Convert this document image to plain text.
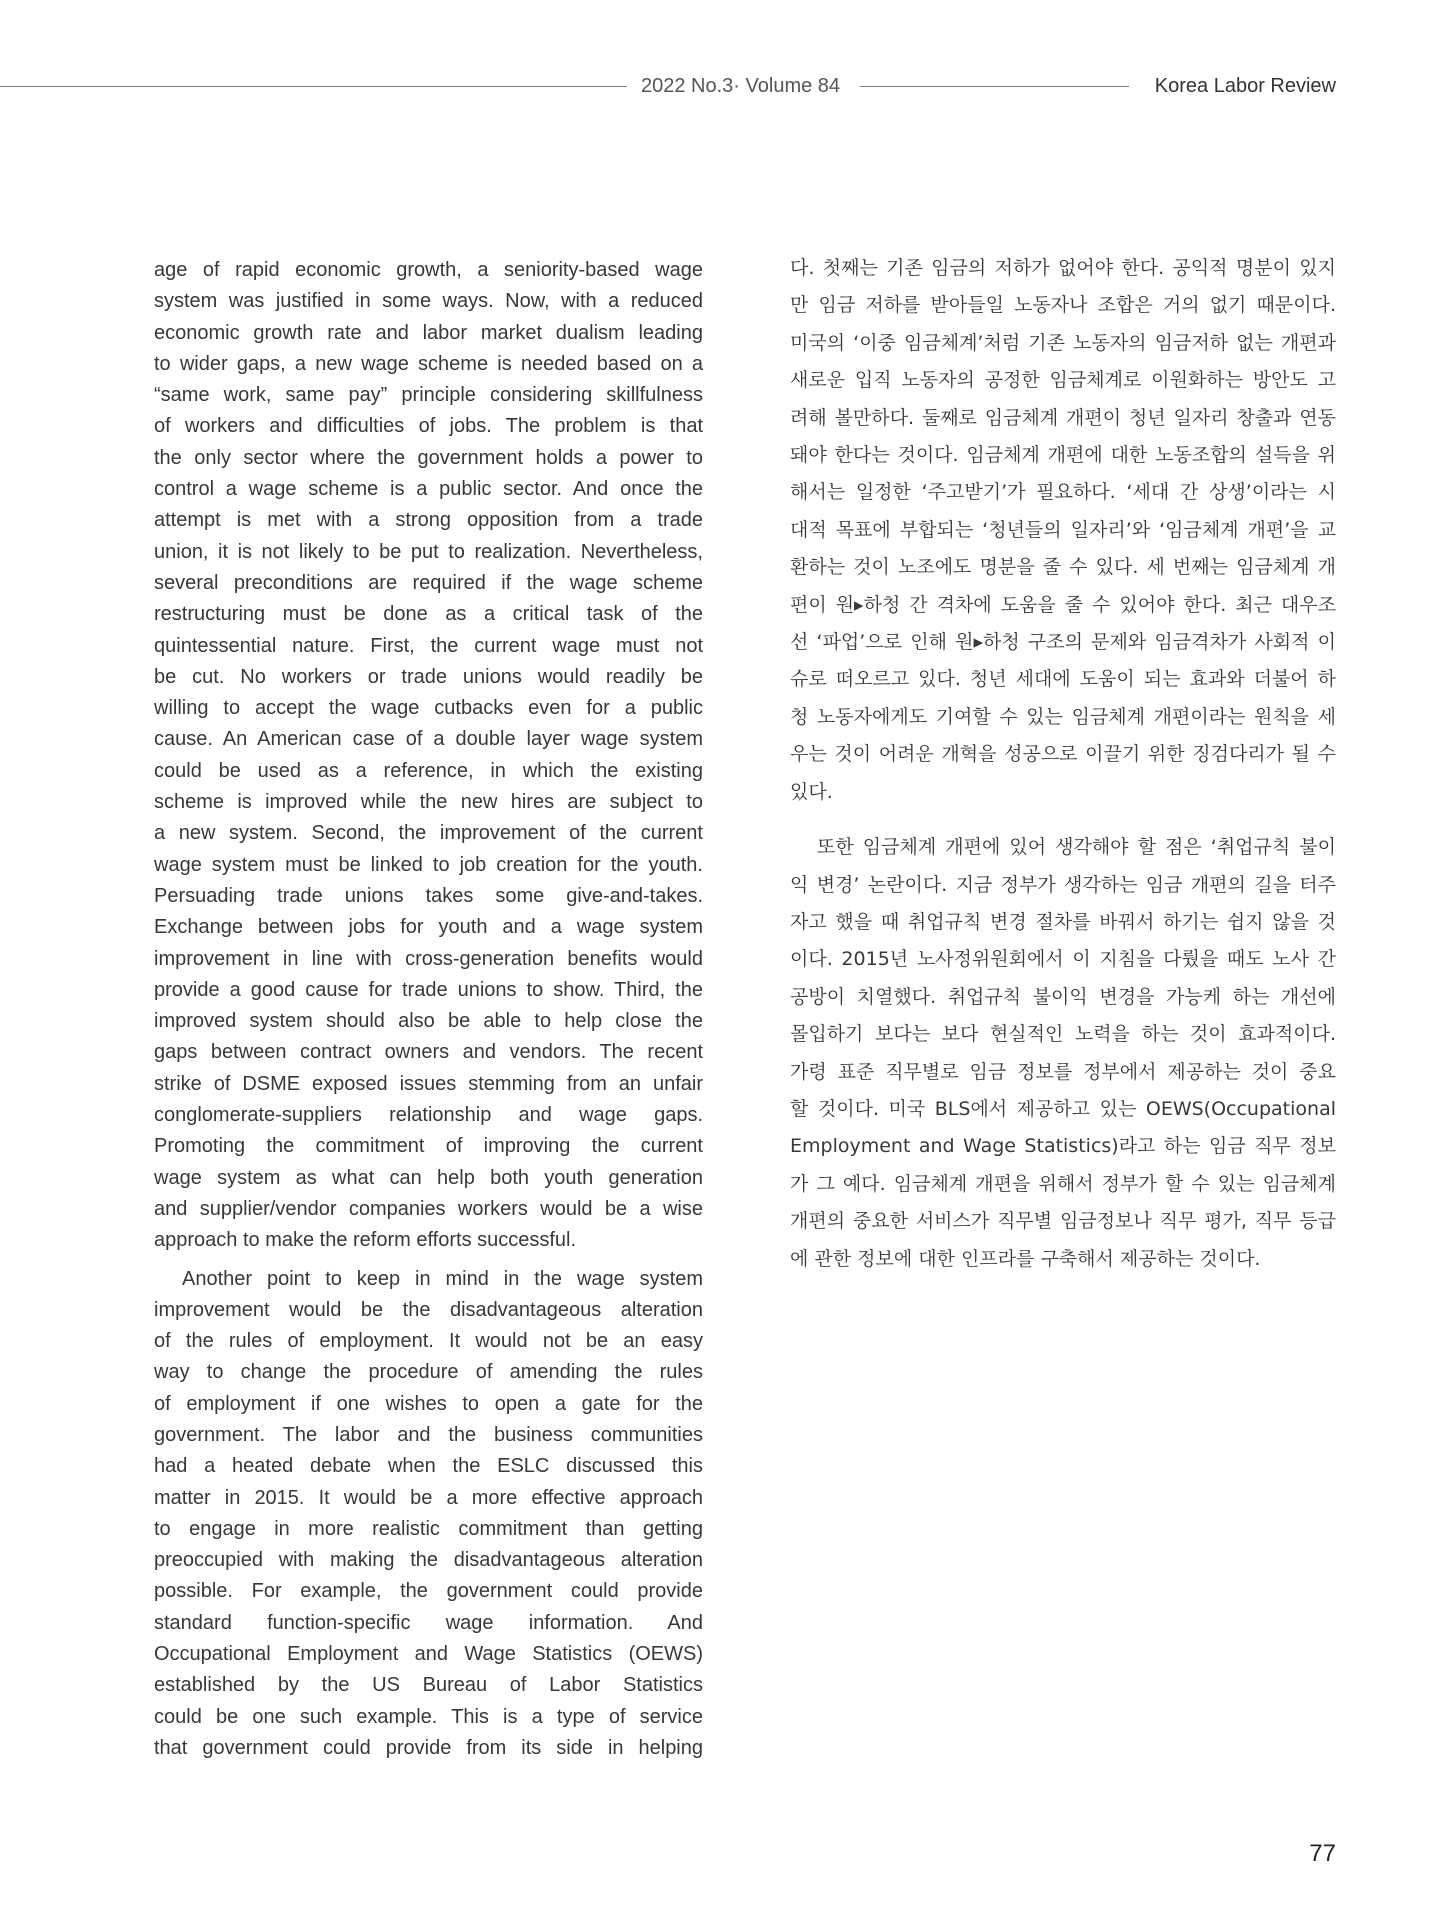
2022 No.3· Volume 84	Korea Labor Review
age of rapid economic growth, a seniority-based wage
system was justified in some ways. Now, with a reduced
economic growth rate and labor market dualism leading
to wider gaps, a new wage scheme is needed based on a
“same work, same pay” principle considering skillfulness
of workers and difficulties of jobs. The problem is that
the only sector where the government holds a power to
control a wage scheme is a public sector. And once the
attempt is met with a strong opposition from a trade
union, it is not likely to be put to realization. Nevertheless,
several preconditions are required if the wage scheme
restructuring must be done as a critical task of the
quintessential nature. First, the current wage must not
be cut. No workers or trade unions would readily be
willing to accept the wage cutbacks even for a public
cause. An American case of a double layer wage system
could be used as a reference, in which the existing
scheme is improved while the new hires are subject to
a new system. Second, the improvement of the current
wage system must be linked to job creation for the youth.
Persuading trade unions takes some give-and-takes.
Exchange between jobs for youth and a wage system
improvement in line with cross-generation benefits would
provide a good cause for trade unions to show. Third, the
improved system should also be able to help close the
gaps between contract owners and vendors. The recent
strike of DSME exposed issues stemming from an unfair
conglomerate-suppliers relationship and wage gaps.
Promoting the commitment of improving the current
wage system as what can help both youth generation
and supplier/vendor companies workers would be a wise
approach to make the reform efforts successful.
Another point to keep in mind in the wage system
improvement would be the disadvantageous alteration
of the rules of employment. It would not be an easy
way to change the procedure of amending the rules
of employment if one wishes to open a gate for the
government. The labor and the business communities
had a heated debate when the ESLC discussed this
matter in 2015. It would be a more effective approach
to engage in more realistic commitment than getting
preoccupied with making the disadvantageous alteration
possible. For example, the government could provide
standard function-specific wage information. And
Occupational Employment and Wage Statistics (OEWS)
established by the US Bureau of Labor Statistics
could be one such example. This is a type of service
that government could provide from its side in helping
다. 첫째는 기존 임금의 저하가 없어야 한다. 공익적 명분이 있지
만 임금 저하를 받아들일 노동자나 조합은 거의 없기 때문이다.
미국의 ‘이중 임금체계’처럼 기존 노동자의 임금저하 없는 개편과
새로운 입직 노동자의 공정한 임금체계로 이원화하는 방안도 고
려해 볼만하다. 둘째로 임금체계 개편이 청년 일자리 창출과 연동
돼야 한다는 것이다. 임금체계 개편에 대한 노동조합의 설득을 위
해서는 일정한 ‘주고받기’가 필요하다. ‘세대 간 상생’이라는 시
대적 목표에 부합되는 ‘청년들의 일자리’와 ‘임금체계 개편’을 교
환하는 것이 노조에도 명분을 줄 수 있다. 세 번째는 임금체계 개
편이 원▸하청 간 격차에 도움을 줄 수 있어야 한다. 최근 대우조
선 ‘파업’으로 인해 원▸하청 구조의 문제와 임금격차가 사회적 이
슈로 떠오르고 있다. 청년 세대에 도움이 되는 효과와 더불어 하
청 노동자에게도 기여할 수 있는 임금체계 개편이라는 원칙을 세
우는 것이 어려운 개혁을 성공으로 이끌기 위한 징검다리가 될 수
있다.
또한 임금체계 개편에 있어 생각해야 할 점은 ‘취업규칙 불이
익 변경’ 논란이다. 지금 정부가 생각하는 임금 개편의 길을 터주
자고 했을 때 취업규칙 변경 절차를 바꿔서 하기는 쉽지 않을 것
이다. 2015년 노사정위원회에서 이 지침을 다뤘을 때도 노사 간
공방이 치열했다. 취업규칙 불이익 변경을 가능케 하는 개선에
몰입하기 보다는 보다 현실적인 노력을 하는 것이 효과적이다.
가령 표준 직무별로 임금 정보를 정부에서 제공하는 것이 중요
할 것이다. 미국 BLS에서 제공하고 있는 OEWS(Occupational
Employment and Wage Statistics)라고 하는 임금 직무 정보
가 그 예다. 임금체계 개편을 위해서 정부가 할 수 있는 임금체계
개편의 중요한 서비스가 직무별 임금정보나 직무 평가, 직무 등급
에 관한 정보에 대한 인프라를 구축해서 제공하는 것이다.
77
